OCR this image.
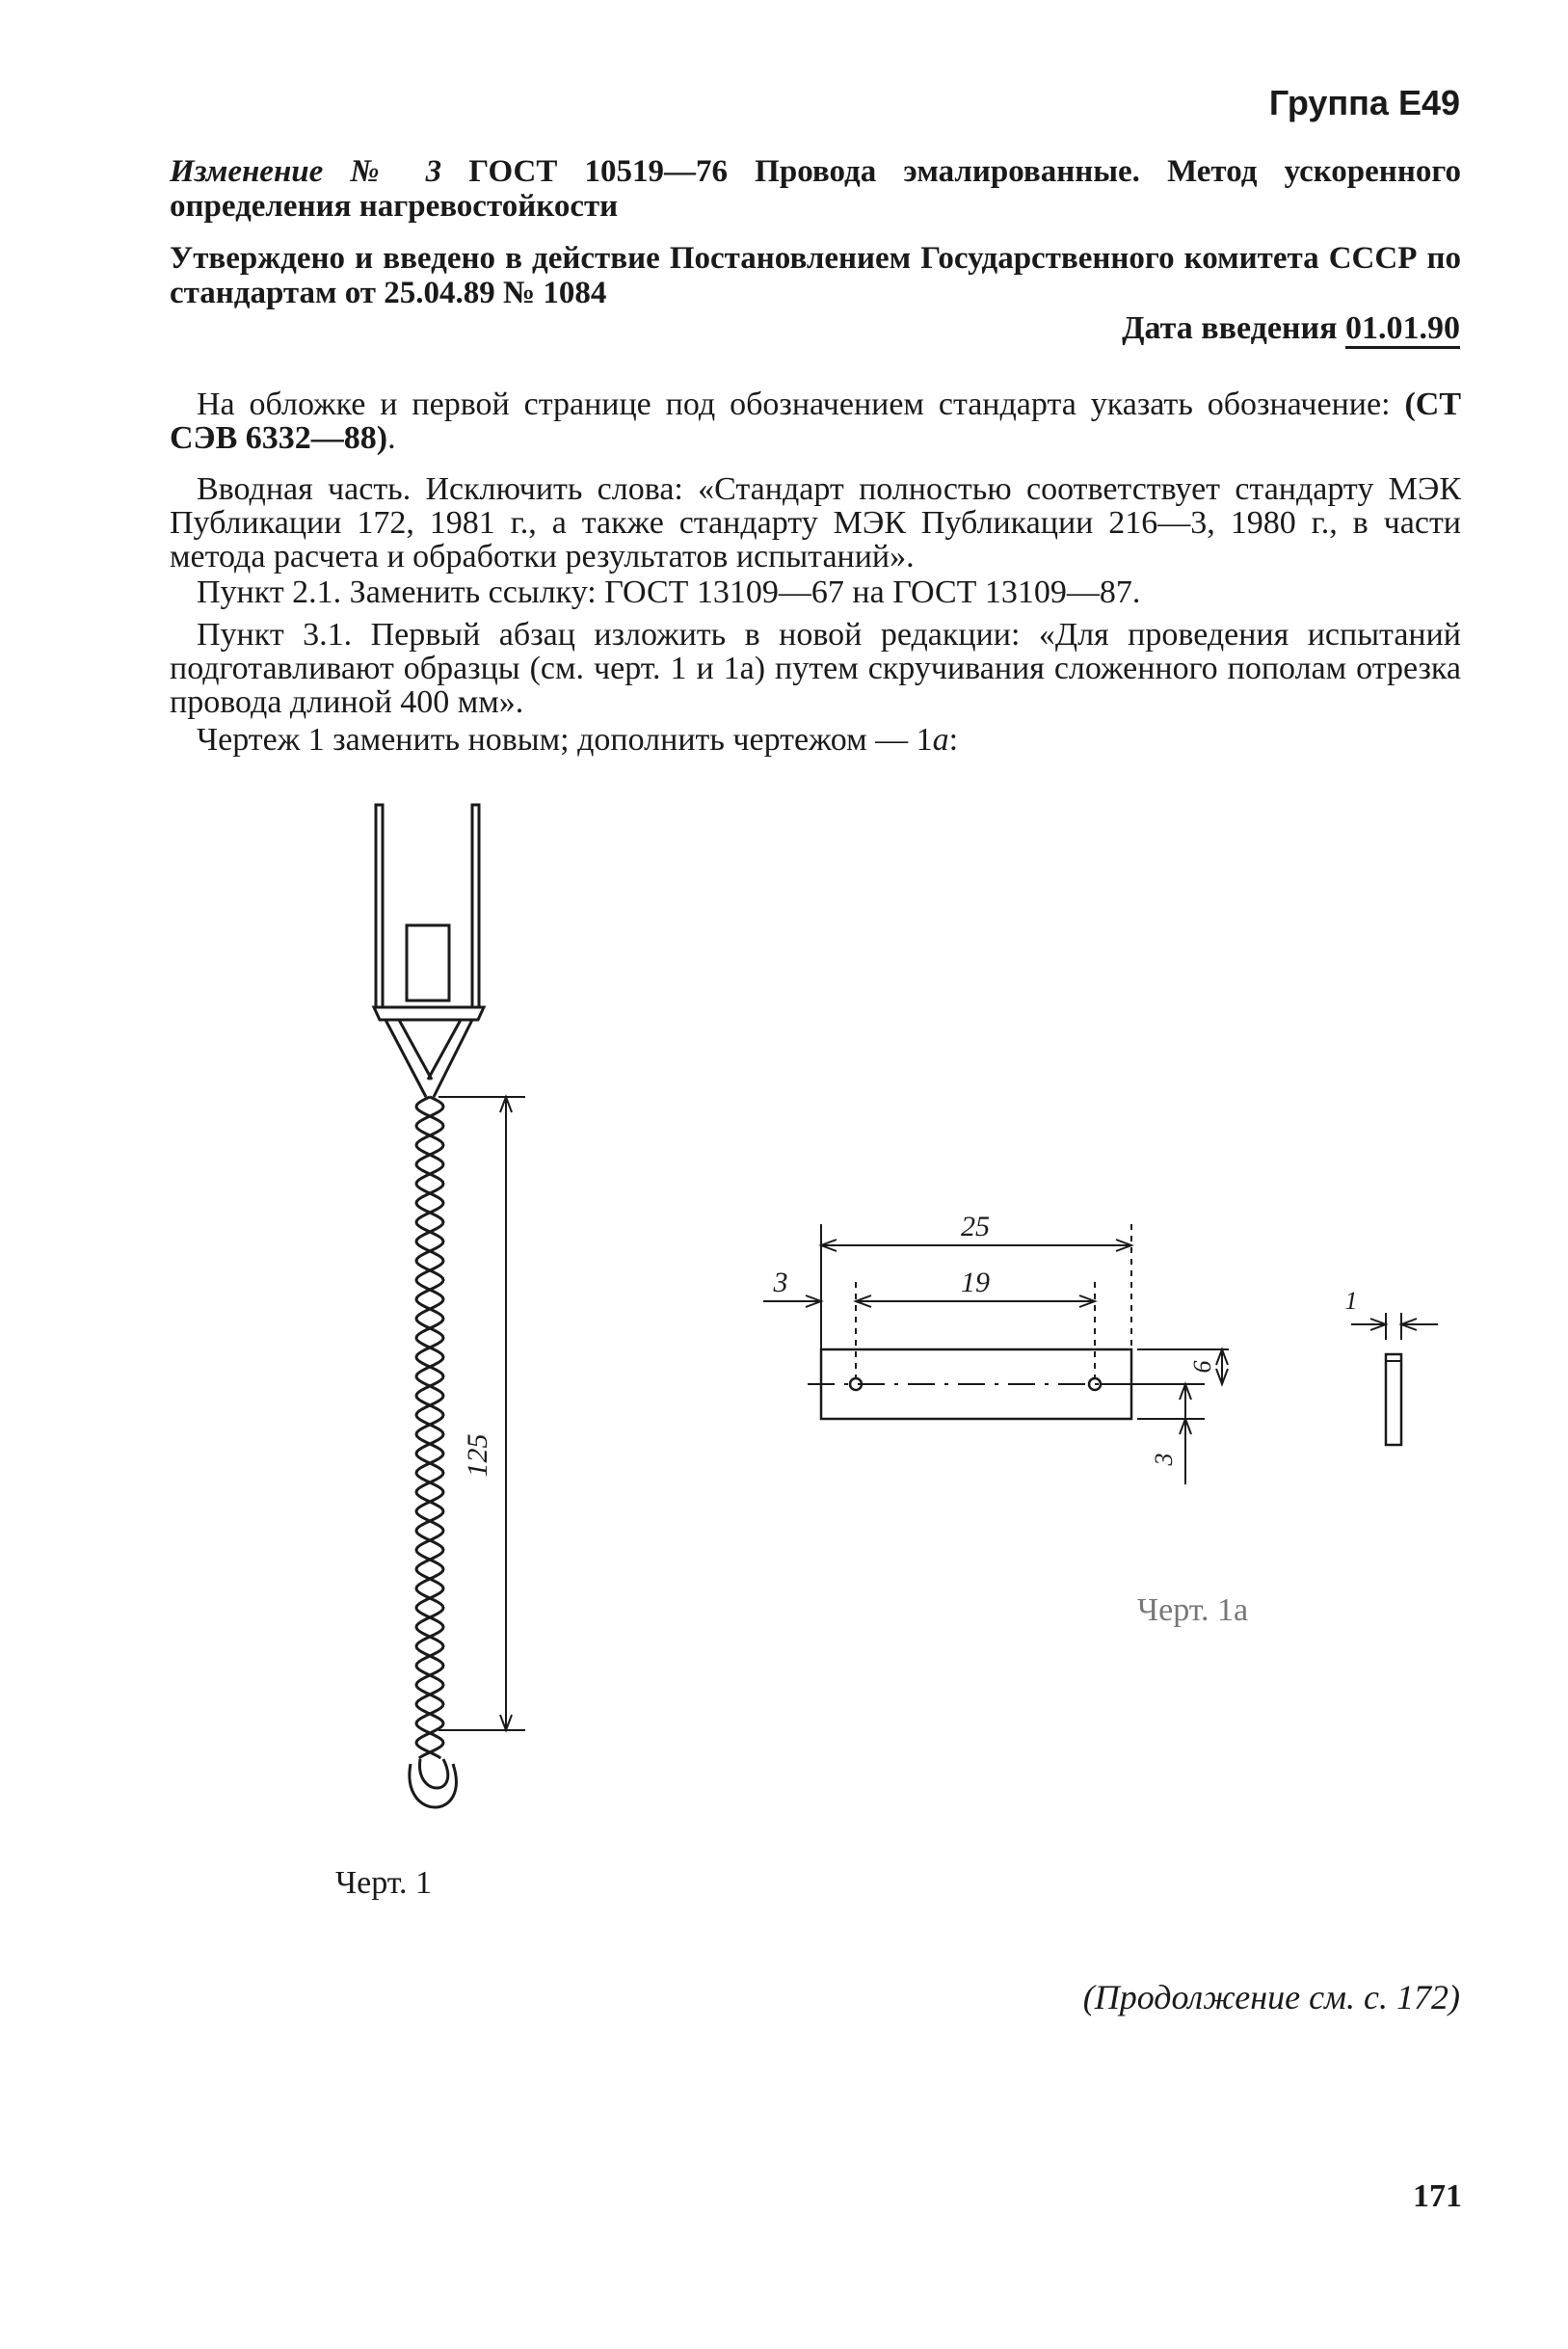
Группа Е49
Изменение № 3 ГОСТ 10519—76 Провода эмалированные. Метод ускоренного определения нагревостойкости
Утверждено и введено в действие Постановлением Государственного комитета СССР по стандартам от 25.04.89 № 1084
Дата введения 01.01.90
На обложке и первой странице под обозначением стандарта указать обозначение: (СТ СЭВ 6332—88).
Вводная часть. Исключить слова: «Стандарт полностью соответствует стандарту МЭК Публикации 172, 1981 г., а также стандарту МЭК Публикации 216—3, 1980 г., в части метода расчета и обработки результатов испытаний».
Пункт 2.1. Заменить ссылку: ГОСТ 13109—67 на ГОСТ 13109—87.
Пункт 3.1. Первый абзац изложить в новой редакции: «Для проведения испытаний подготавливают образцы (см. черт. 1 и 1а) путем скручивания сложенного пополам отрезка провода длиной 400 мм».
Чертеж 1 заменить новым; дополнить чертежом — 1а:
125
Черт. 1
25
19
3
6
3
1
Черт. 1а
(Продолжение см. с. 172)
171
